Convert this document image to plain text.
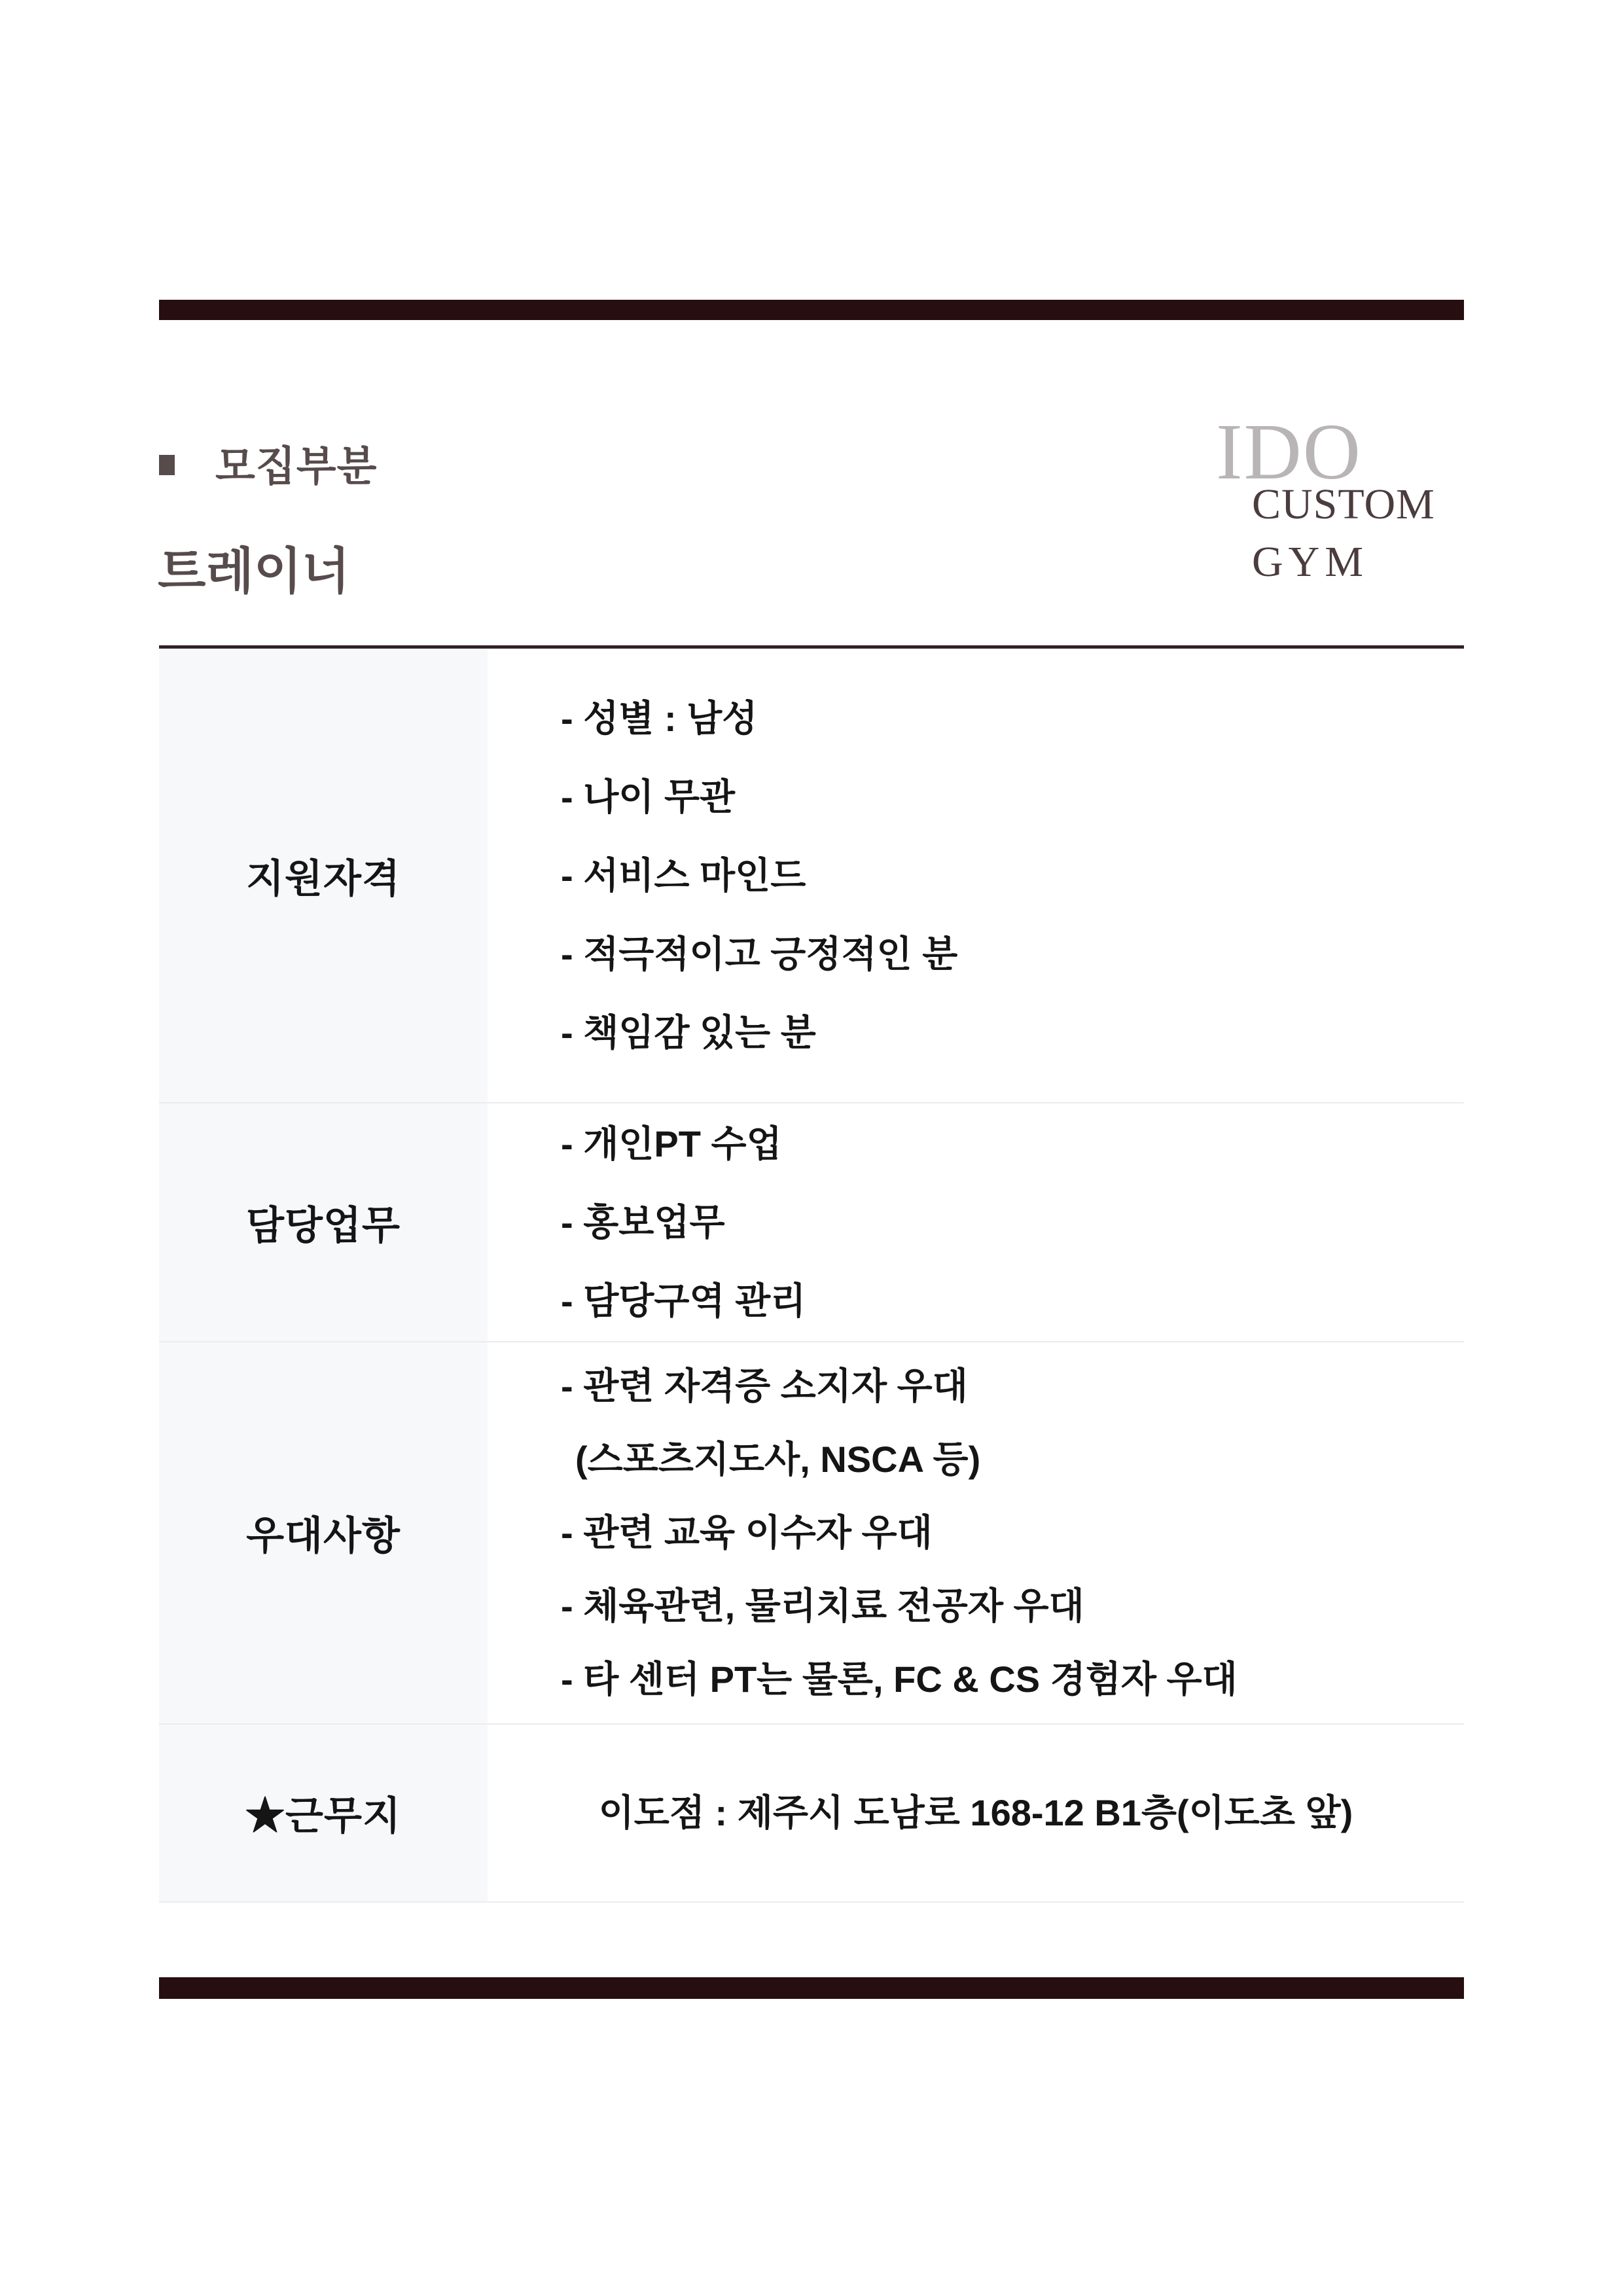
모집부분
트레이너
IDO
CUSTOM
GYM
지원자격
- 성별 : 남성
- 나이 무관
- 서비스 마인드
- 적극적이고 긍정적인 분
- 책임감 있는 분
담당업무
- 개인PT 수업
- 홍보업무
- 담당구역 관리
우대사항
- 관련 자격증 소지자 우대
(스포츠지도사, NSCA 등)
- 관련 교육 이수자 우대
- 체육관련, 물리치료 전공자 우대
- 타 센터 PT는 물론, FC & CS 경험자 우대
★근무지	이도점 : 제주시 도남로 168-12 B1층(이도초 앞)
